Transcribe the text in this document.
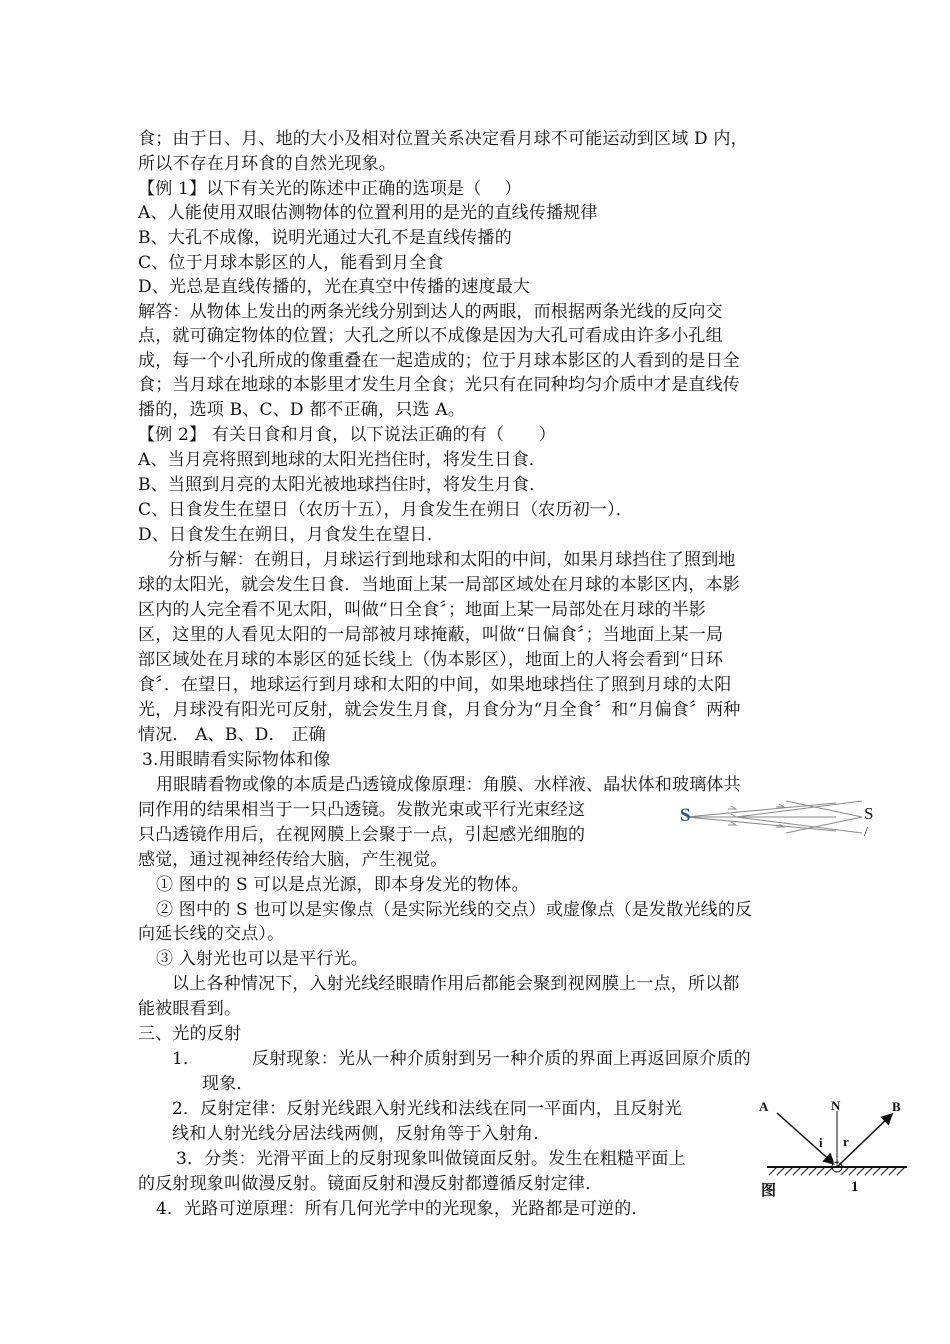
食；由于日、月、地的大小及相对位置关系决定看月球不可能运动到区域 D 内，
所以不存在月环食的自然光现象。
【例 1】以下有关光的陈述中正确的选项是（　 ）
A、人能使用双眼估测物体的位置利用的是光的直线传播规律
B、大孔不成像，说明光通过大孔不是直线传播的
C、位于月球本影区的人，能看到月全食
D、光总是直线传播的，光在真空中传播的速度最大
解答：从物体上发出的两条光线分别到达人的两眼，而根据两条光线的反向交
点，就可确定物体的位置；大孔之所以不成像是因为大孔可看成由许多小孔组
成，每一个小孔所成的像重叠在一起造成的；位于月球本影区的人看到的是日全
食；当月球在地球的本影里才发生月全食；光只有在同种均匀介质中才是直线传
播的，选项 B、C、D 都不正确，只选 A。
【例 2】 有关日食和月食，以下说法正确的有（　　）
A、当月亮将照到地球的太阳光挡住时，将发生日食．
B、当照到月亮的太阳光被地球挡住时，将发生月食．
C、日食发生在望日（农历十五），月食发生在朔日（农历初一）．
D、日食发生在朔日，月食发生在望日．
分析与解：在朔日，月球运行到地球和太阳的中间，如果月球挡住了照到地
球的太阳光，就会发生日食．当地面上某一局部区域处在月球的本影区内，本影
区内的人完全看不见太阳，叫做“日全食〞；地面上某一局部处在月球的半影
区，这里的人看见太阳的一局部被月球掩蔽，叫做“日偏食〞；当地面上某一局
部区域处在月球的本影区的延长线上（伪本影区），地面上的人将会看到“日环
食〞．在望日，地球运行到月球和太阳的中间，如果地球挡住了照到月球的太阳
光，月球没有阳光可反射，就会发生月食，月食分为“月全食〞和“月偏食〞两种
情况． A、B、D． 正确
3.用眼睛看实际物体和像
用眼睛看物或像的本质是凸透镜成像原理：角膜、水样液、晶状体和玻璃体共
同作用的结果相当于一只凸透镜。发散光束或平行光束经这
只凸透镜作用后，在视网膜上会聚于一点，引起感光细胞的
感觉，通过视神经传给大脑，产生视觉。
① 图中的 S 可以是点光源，即本身发光的物体。
② 图中的 S 也可以是实像点（是实际光线的交点）或虚像点（是发散光线的反
向延长线的交点）。
③ 入射光也可以是平行光。
以上各种情况下，入射光线经眼睛作用后都能会聚到视网膜上一点，所以都
能被眼看到。
三、光的反射
1．	反射现象：光从一种介质射到另一种介质的界面上再返回原介质的
现象．
2．反射定律：反射光线跟入射光线和法线在同一平面内，且反射光
线和人射光线分居法线两侧，反射角等于入射角．
3．分类：光滑平面上的反射现象叫做镜面反射。发生在粗糙平面上
的反射现象叫做漫反射。镜面反射和漫反射都遵循反射定律．
4．光路可逆原理：所有几何光学中的光现象，光路都是可逆的．
S	S
/
A	N	B
i r
O
图	1
